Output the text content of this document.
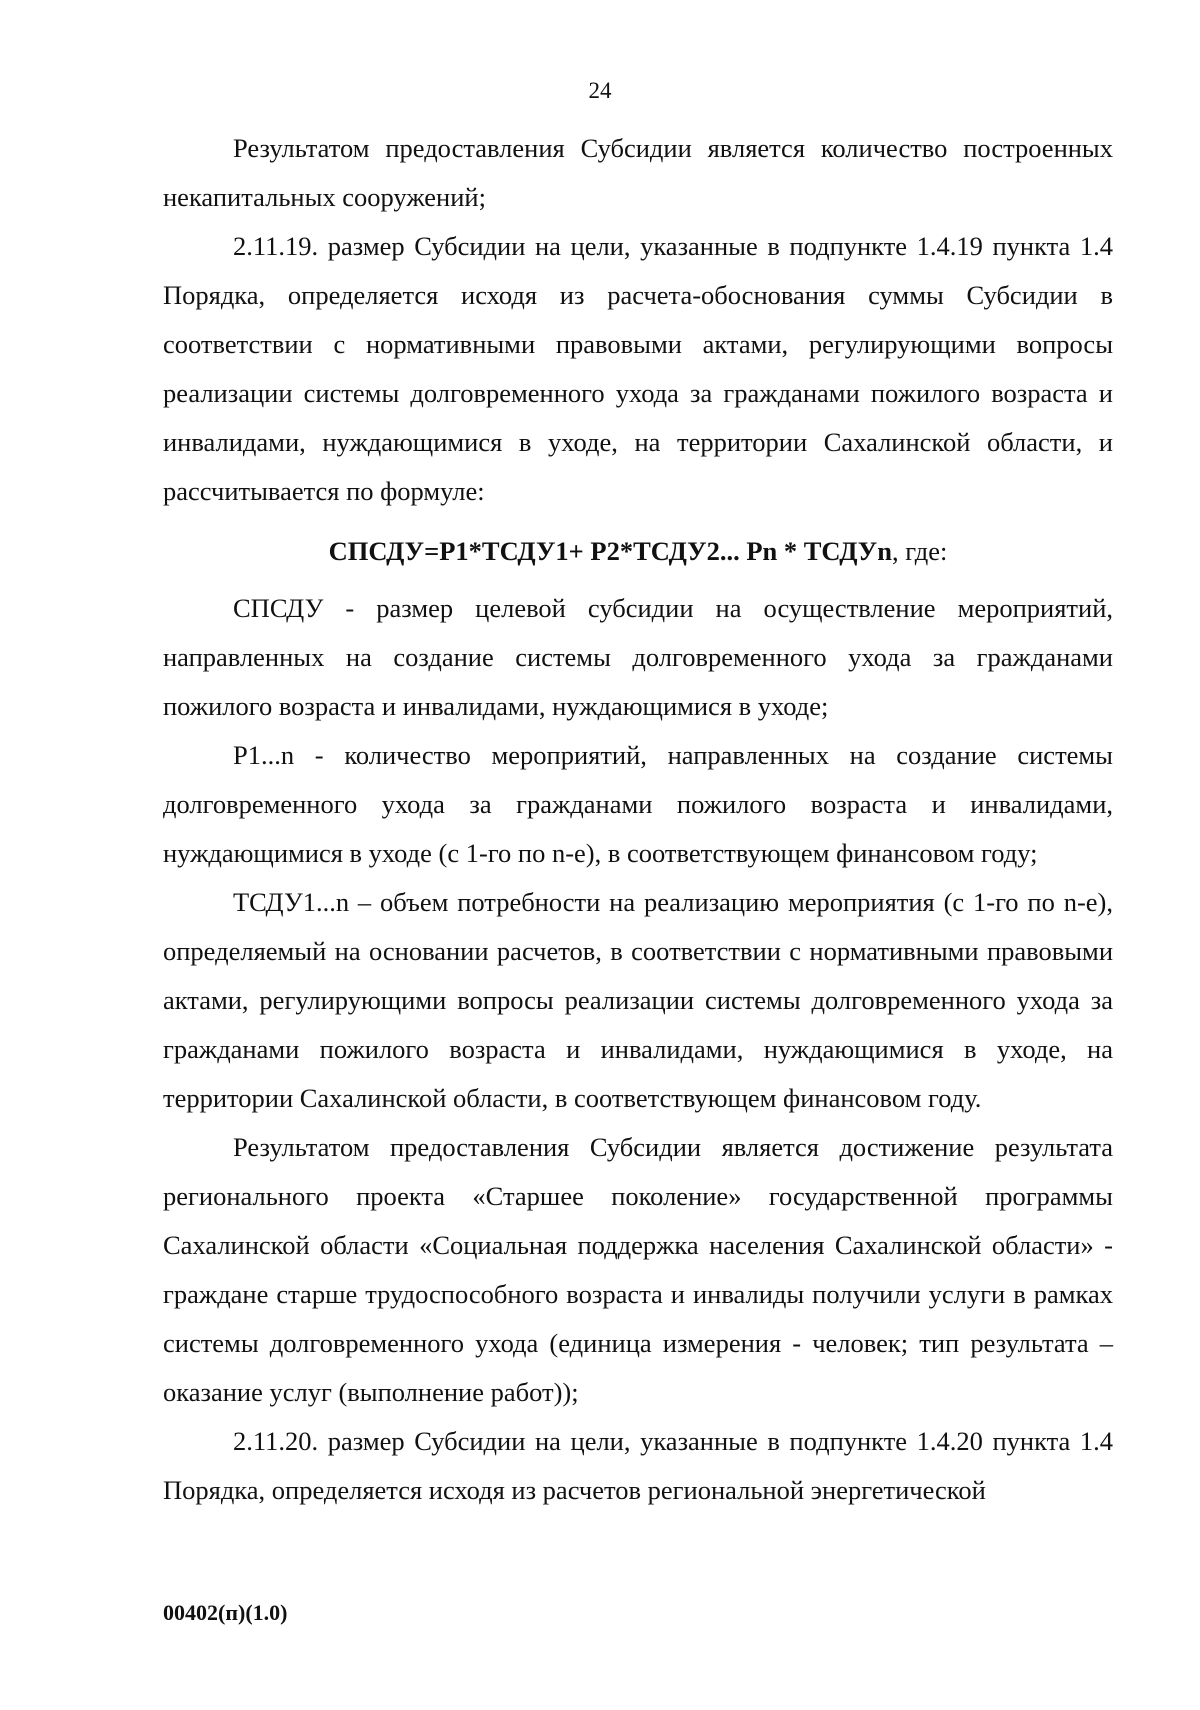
24

Результатом предоставления Субсидии является количество построенных некапитальных сооружений;

2.11.19. размер Субсидии на цели, указанные в подпункте 1.4.19 пункта 1.4 Порядка, определяется исходя из расчета-обоснования суммы Субсидии в соответствии с нормативными правовыми актами, регулирующими вопросы реализации системы долговременного ухода за гражданами пожилого возраста и инвалидами, нуждающимися в уходе, на территории Сахалинской области, и рассчитывается по формуле:

СПСДУ=Р1*ТСДУ1+ Р2*ТСДУ2... Рn * ТСДУn, где:

СПСДУ - размер целевой субсидии на осуществление мероприятий, направленных на создание системы долговременного ухода за гражданами пожилого возраста и инвалидами, нуждающимися в уходе;

Р1...n - количество мероприятий, направленных на создание системы долговременного ухода за гражданами пожилого возраста и инвалидами, нуждающимися в уходе (с 1-го по n-е), в соответствующем финансовом году;

ТСДУ1...n – объем потребности на реализацию мероприятия (с 1-го по n-е), определяемый на основании расчетов, в соответствии с нормативными правовыми актами, регулирующими вопросы реализации системы долговременного ухода за гражданами пожилого возраста и инвалидами, нуждающимися в уходе, на территории Сахалинской области, в соответствующем финансовом году.

Результатом предоставления Субсидии является достижение результата регионального проекта «Старшее поколение» государственной программы Сахалинской области «Социальная поддержка населения Сахалинской области» - граждане старше трудоспособного возраста и инвалиды получили услуги в рамках системы долговременного ухода (единица измерения - человек; тип результата – оказание услуг (выполнение работ));

2.11.20. размер Субсидии на цели, указанные в подпункте 1.4.20 пункта 1.4 Порядка, определяется исходя из расчетов региональной энергетической

00402(п)(1.0)
